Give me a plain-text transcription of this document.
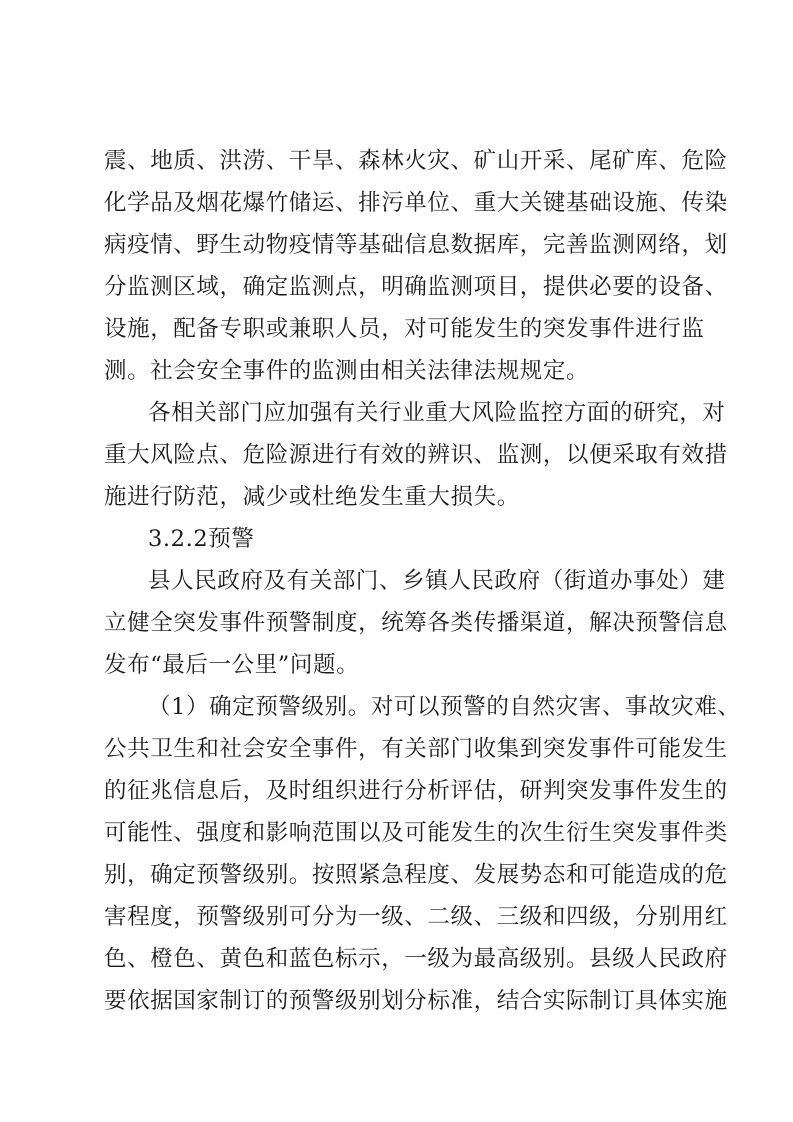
震、地质、洪涝、干旱、森林火灾、矿山开采、尾矿库、危险
化学品及烟花爆竹储运、排污单位、重大关键基础设施、传染
病疫情、野生动物疫情等基础信息数据库，完善监测网络，划
分监测区域，确定监测点，明确监测项目，提供必要的设备、
设施，配备专职或兼职人员，对可能发生的突发事件进行监
测。社会安全事件的监测由相关法律法规规定。
各相关部门应加强有关行业重大风险监控方面的研究，对
重大风险点、危险源进行有效的辨识、监测，以便采取有效措
施进行防范，减少或杜绝发生重大损失。
3.2.2预警
县人民政府及有关部门、乡镇人民政府（街道办事处）建
立健全突发事件预警制度，统筹各类传播渠道，解决预警信息
发布“最后一公里”问题。
（1）确定预警级别。对可以预警的自然灾害、事故灾难、
公共卫生和社会安全事件，有关部门收集到突发事件可能发生
的征兆信息后，及时组织进行分析评估，研判突发事件发生的
可能性、强度和影响范围以及可能发生的次生衍生突发事件类
别，确定预警级别。按照紧急程度、发展势态和可能造成的危
害程度，预警级别可分为一级、二级、三级和四级，分别用红
色、橙色、黄色和蓝色标示，一级为最高级别。县级人民政府
要依据国家制订的预警级别划分标准，结合实际制订具体实施
